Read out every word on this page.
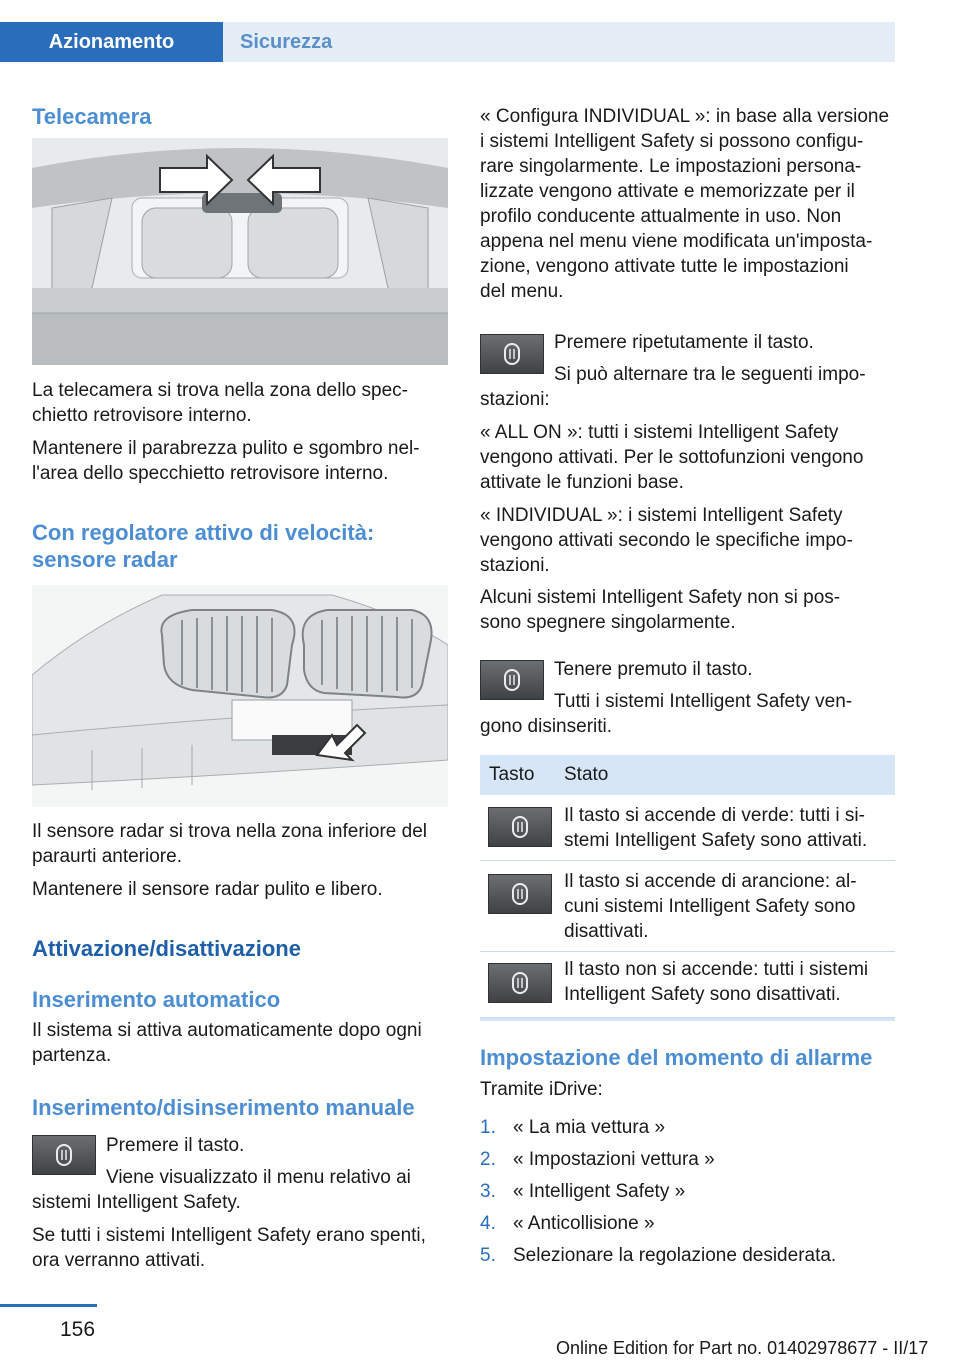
Azionamento	Sicurezza
Telecamera

La telecamera si trova nella zona dello spec-

chietto retrovisore interno.

Mantenere il parabrezza pulito e sgombro nel-

l'area dello specchietto retrovisore interno.

Con regolatore attivo di velocità:
sensore radar

Il sensore radar si trova nella zona inferiore del

paraurti anteriore.

Mantenere il sensore radar pulito e libero.

Attivazione/disattivazione
Inserimento automatico

Il sistema si attiva automaticamente dopo ogni

partenza.

Inserimento/disinserimento manuale

Premere il tasto.

Viene visualizzato il menu relativo ai

sistemi Intelligent Safety.

Se tutti i sistemi Intelligent Safety erano spenti,

ora verranno attivati.

« Configura INDIVIDUAL »: in base alla versione

i sistemi Intelligent Safety si possono configu-

rare singolarmente. Le impostazioni persona-

lizzate vengono attivate e memorizzate per il

profilo conducente attualmente in uso. Non

appena nel menu viene modificata un'imposta-

zione, vengono attivate tutte le impostazioni

del menu.

Premere ripetutamente il tasto.

Si può alternare tra le seguenti impo-

stazioni:

« ALL ON »: tutti i sistemi Intelligent Safety

vengono attivati. Per le sottofunzioni vengono

attivate le funzioni base.

« INDIVIDUAL »: i sistemi Intelligent Safety

vengono attivati secondo le specifiche impo-

stazioni.

Alcuni sistemi Intelligent Safety non si pos-

sono spegnere singolarmente.

Tenere premuto il tasto.

Tutti i sistemi Intelligent Safety ven-

gono disinseriti.

Tasto Stato
Il tasto si accende di verde: tutti i si-
stemi Intelligent Safety sono attivati.
Il tasto si accende di arancione: al-
cuni sistemi Intelligent Safety sono
disattivati.
Il tasto non si accende: tutti i sistemi
Intelligent Safety sono disattivati.
Impostazione del momento di allarme

Tramite iDrive:

1. « La mia vettura »
2. « Impostazioni vettura »
3. « Intelligent Safety »
4. « Anticollisione »
5. Selezionare la regolazione desiderata.
156
Online Edition for Part no. 01402978677 - II/17
